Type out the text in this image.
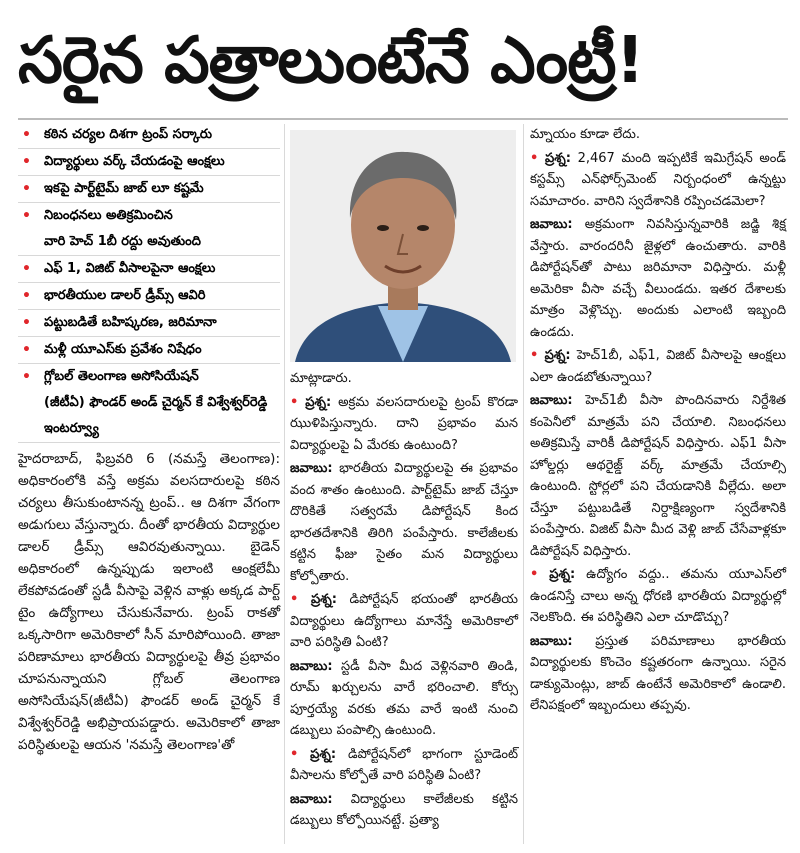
సరైన పత్రాలుంటేనే ఎంట్రీ!
• కఠిన చర్యల దిశగా ట్రంప్ సర్కారు
• విద్యార్థులు వర్క్ చేయడంపై ఆంక్షలు
• ఇకపై పార్ట్‌టైమ్ జాబ్ లూ కష్టమే
• నిబంధనలు అతిక్రమించిన
వారి హెచ్ 1బీ రద్దు అవుతుంది
• ఎఫ్ 1, విజిట్ వీసాలపైనా ఆంక్షలు
• భారతీయుల డాలర్ డ్రీమ్స్ ఆవిరి
• పట్టుబడితే బహిష్కరణ, జరిమానా
• మళ్లీ యూఎస్‌కు ప్రవేశం నిషేధం
• గ్లోబల్ తెలంగాణ అసోసియేషన్
(జీటీఏ) ఫౌండర్ అండ్ చైర్మన్ కే విశ్వేశ్వర్‌రెడ్డి ఇంటర్వ్యూ
హైదరాబాద్, ఫిబ్రవరి 6 (నమస్తే తెలంగాణ): అధికారంలోకి వస్తే అక్రమ వలసదారులపై కఠిన చర్యలు తీసుకుంటానన్న ట్రంప్.. ఆ దిశగా వేగంగా అడుగులు వేస్తున్నారు. దీంతో భారతీయ విద్యార్థుల డాలర్ డ్రీమ్స్ ఆవిరవుతున్నాయి. బైడెన్ అధికారంలో ఉన్నప్పుడు ఇలాంటి ఆంక్షలేమీ లేకపోవడంతో స్టడీ వీసాపై వెళ్లిన వాళ్లు అక్కడ పార్ట్ టైం ఉద్యోగాలు చేసుకునేవారు. ట్రంప్ రాకతో ఒక్కసారిగా అమెరికాలో సీన్ మారిపోయింది. తాజా పరిణామాలు భారతీయ విద్యార్థులపై తీవ్ర ప్రభావం చూపనున్నాయని గ్లోబల్ తెలంగాణ అసోసియేషన్(జీటీఏ) ఫౌండర్ అండ్ చైర్మన్ కే విశ్వేశ్వర్‌రెడ్డి అభిప్రాయపడ్డారు. అమెరికాలో తాజా పరిస్థితులపై ఆయన 'నమస్తే తెలంగాణ'తో
మాట్లాడారు.
• ప్రశ్న: అక్రమ వలసదారులపై ట్రంప్ కొరడా ఝుళిపిస్తున్నారు. దాని ప్రభావం మన విద్యార్థులపై ఏ మేరకు ఉంటుంది?
జవాబు: భారతీయ విద్యార్థులపై ఈ ప్రభావం వంద శాతం ఉంటుంది. పార్ట్‌టైమ్ జాబ్ చేస్తూ దొరికితే సత్వరమే డిపోర్టేషన్ కింద భారతదేశానికి తిరిగి పంపేస్తారు. కాలేజీలకు కట్టిన ఫీజు సైతం మన విద్యార్థులు కోల్పోతారు.
• ప్రశ్న: డిపోర్టేషన్ భయంతో భారతీయ విద్యార్థులు ఉద్యోగాలు మానేస్తే అమెరికాలో వారి పరిస్థితి ఏంటి?
జవాబు: స్టడీ వీసా మీద వెళ్లినవారి తిండి, రూమ్ ఖర్చులను వారే భరించాలి. కోర్సు పూర్తయ్యే వరకు తమ వారే ఇంటి నుంచి డబ్బులు పంపాల్సి ఉంటుంది.
• ప్రశ్న: డిపోర్టేషన్‌లో భాగంగా స్టూడెంట్ వీసాలను కోల్పోతే వారి పరిస్థితి ఏంటి?
జవాబు: విద్యార్థులు కాలేజీలకు కట్టిన డబ్బులు కోల్పోయినట్టే. ప్రత్యా
మ్నాయం కూడా లేదు.
• ప్రశ్న: 2,467 మంది ఇప్పటికే ఇమిగ్రేషన్ అండ్ కస్టమ్స్ ఎన్‌ఫోర్స్‌మెంట్ నిర్బంధంలో ఉన్నట్టు సమాచారం. వారిని స్వదేశానికి రప్పించడమెలా?
జవాబు: అక్రమంగా నివసిస్తున్నవారికి జడ్జి శిక్ష వేస్తారు. వారందరినీ జైళ్లలో ఉంచుతారు. వారికి డిపోర్టేషన్‌తో పాటు జరిమానా విధిస్తారు. మళ్లీ అమెరికా వీసా వచ్చే వీలుండదు. ఇతర దేశాలకు మాత్రం వెళ్లొచ్చు. అందుకు ఎలాంటి ఇబ్బంది ఉండదు.
• ప్రశ్న: హెచ్1బీ, ఎఫ్1, విజిట్ వీసాలపై ఆంక్షలు ఎలా ఉండబోతున్నాయి?
జవాబు: హెచ్1బీ వీసా పొందినవారు నిర్దేశిత కంపెనీలో మాత్రమే పని చేయాలి. నిబంధనలు అతిక్రమిస్తే వారికీ డిపోర్టేషన్ విధిస్తారు. ఎఫ్1 వీసా హోల్డర్లు ఆథరైజ్డ్ వర్క్ మాత్రమే చేయాల్సి ఉంటుంది. స్టోర్లలో పని చేయడానికి వీల్లేదు. అలా చేస్తూ పట్టుబడితే నిర్దాక్షిణ్యంగా స్వదేశానికి పంపేస్తారు. విజిట్ వీసా మీద వెళ్లి జాబ్ చేసేవాళ్లకూ డిపోర్టేషన్ విధిస్తారు.
• ప్రశ్న: ఉద్యోగం వద్దు.. తమను యూఎస్‌లో ఉండనిస్తే చాలు అన్న ధోరణి భారతీయ విద్యార్థుల్లో నెలకొంది. ఈ పరిస్థితిని ఎలా చూడొచ్చు?
జవాబు: ప్రస్తుత పరిమాణాలు భారతీయ విద్యార్థులకు కొంచెం కష్టతరంగా ఉన్నాయి. సరైన డాక్యుమెంట్లు, జాబ్ ఉంటేనే అమెరికాలో ఉండాలి. లేనిపక్షంలో ఇబ్బందులు తప్పవు.
